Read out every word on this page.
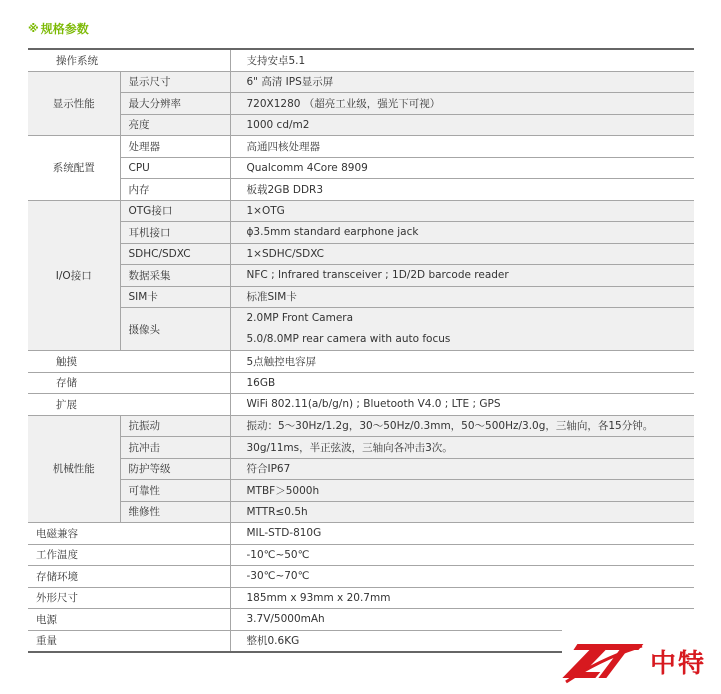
※ 规格参数
操作系统		支持安卓5.1
显示性能	显示尺寸	6" 高清 IPS显示屏
	最大分辨率	720X1280 （超亮工业级，强光下可视）
	亮度	1000 cd/m2
系统配置	处理器	高通四核处理器
	CPU	Qualcomm 4Core 8909
	内存	板载2GB DDR3
I/O接口	OTG接口	1×OTG
	耳机接口	ϕ3.5mm standard earphone jack
	SDHC/SDXC	1×SDHC/SDXC
	数据采集	NFC ; Infrared transceiver ; 1D/2D barcode reader
	SIM卡	标准SIM卡
	摄像头	2.0MP Front Camera
5.0/8.0MP rear camera with auto focus

触摸		5点触控电容屏
存储		16GB
扩展		WiFi 802.11(a/b/g/n) ; Bluetooth V4.0 ; LTE ; GPS
机械性能	抗振动	振动：5～30Hz/1.2g，30～50Hz/0.3mm，50～500Hz/3.0g，三轴向，各15分钟。
	抗冲击	30g/11ms，半正弦波，三轴向各冲击3次。
	防护等级	符合IP67
	可靠性	MTBF＞5000h
	维修性	MTTR≤0.5h
电磁兼容		MIL-STD-810G
工作温度		-10℃~50℃
存储环境		-30℃~70℃
外形尺寸		185mm x 93mm x 20.7mm
电源		3.7V/5000mAh
重量		整机0.6KG
中特
